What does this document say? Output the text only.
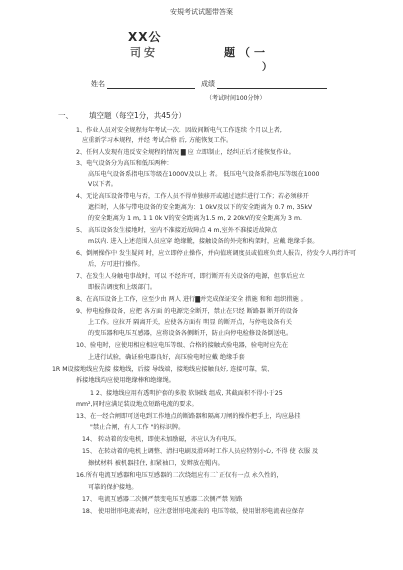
安規考试试题带答案
XX公
司安	题（一
）
姓名	成绩
（考试时间100分钟）
一、 填空题（每空1分，共45分）
1、作业人员对安全规程每年考试一次．因故间断电气工作连续 个月以上者,
应重新学习本规程，并经 考试合格 后, 方能恢复工作。
2、任何人发现有违反安全规程的情况 ▇ 应 立即制止，经纠正后才能恢复作业。
3、电气设备分为高压和低压两种：
高压电气设备系指电压等级在1000V及以上 者。 低压电气设备系指电压等级在1000
V以下者。
4、无论高压设备带电与否，工作人员不得单独移开或越过遮拦进行工作；若必须移开
遮拦时，人体与带电设备的安全距离为：1 0kV及以下的安全距离为 0.7 m, 35kV
的安全距离为 1 m, 1 1 0k V的安全距离为1.5 m, 2 20kV的安全距离为 3 m.
5、 高压设备发生接地时，室内不准接近故障点 4 m,室外不准接近故障点
m以内. 进入上述范围人员应穿 绝缘靴，接触设备的外壳和构架时，应戴 绝缘手套。
6、倒闸操作中 发生疑问 时，应立即停止操作，并向值班调度员或值班负责人报告，待发令人再行许可
后，方可进行操作。
7、在发生人身触电事故时，可以 不经许可，即行断开有关设备的电源，但事后应立
即报告调度和上级部门。
8、在高压设备上工作，应至少由 两人 进行▇并完成保证安全 措施 和和 组织措施 。
9、停电检修设备，应把 各方面 的电源完全断开，禁止在只经 断路器 断开的设备
上工作。应拉开 隔离开关，应使各方面有 明显 的断开点，与停电设备有关
的变压器和电压互感器，应将设备各侧断开，防止向停电检修设备倒送电。
10、验电时，应使用相应相应电压等级、合格的接触式验电器，验电时应先在
上进行试验，确证验电器良好，高压验电时应戴 绝缘手套
1R M设接地线应先接 接地线，后接 导线端，接地线应接触良好, 连接可靠，装、
拆接地线均应使用绝缘棒和绝缘绳。
1 2、接地线应用有透明护套的多股 软铜线 组成, 其截面积不得小于25
mm²,同时应满足装设地点短路电流的要求。
13、在一经合闸即可送电到工作地点的断路器和隔离刀闸的操作把手上，均应悬挂
"禁止合闸，有人工作 "的标识牌。
14、 转动着的发电机，即使未加励磁，亦应认为有电压。
15、 在转动着的电机上调整、清扫电刷及滑环时工作人员应特别小心, 不得 使 衣服 及
擦拭材料 被机器挂住, 扣紧袖口，发辫放在帽内。
16.所有电流互感器和电压互感器的二次绕组应有二`正仅有一点 永久性的，
可靠的保护接地。
17、 电流互感器二次侧严禁变电压互感器二次侧严禁 短路
18、 使用钳形电流表时，应注意钳形电流表的 电压等级，使用钳形电流表应保存
